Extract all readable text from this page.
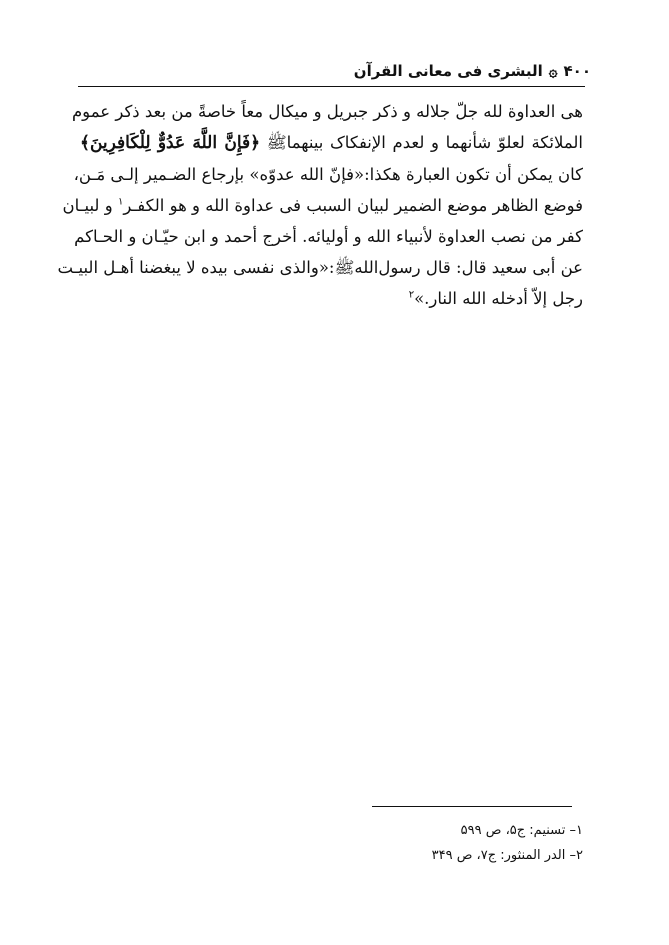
۴۰۰
۞
البشری فی معانی القرآن
هی العداوة لله جلّ جلاله و ذکر جبریل و میکال معاً خاصةً من بعد ذکر عموم
الملائکة لعلوّ شأنهما و لعدم الإنفکاک بینهماﷺ ﴿فَإِنَّ اللَّهَ عَدُوٌّ لِلْكَافِرِينَ﴾
کان یمکن أن تکون العبارة هکذا:«فإنّ الله عدوّه» بإرجاع الضـمیر إلـی مَـن،
فوضع الظاهر موضع الضمیر لبیان السبب فی عداوة الله و هو الکفـر$^۱$ و لبیـان
کفر من نصب العداوة لأنبیاء الله و أولیائه. أخرج أحمد و ابن حیّـان و الحـاکم
عن أبی سعید قال: قال رسول‌اللهﷺ:«والذی نفسی بیده لا یبغضنا أهـل البیـت
رجل إلاّ أدخله الله النار.»$^۲$
۱– تسنیم: ج۵، ص ۵۹۹
۲– الدر المنثور: ج۷، ص ۳۴۹
